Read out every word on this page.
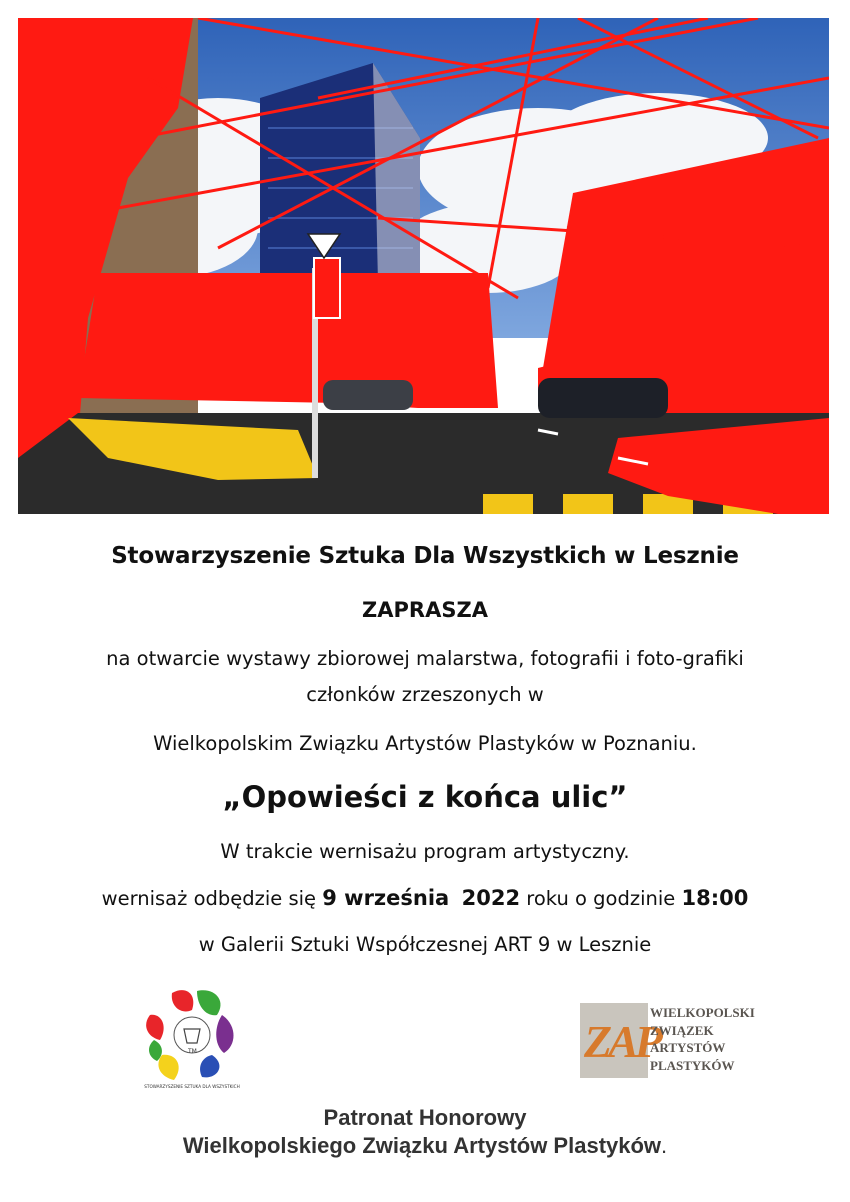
Stowarzyszenie Sztuka Dla Wszystkich w Lesznie
ZAPRASZA
na otwarcie wystawy zbiorowej malarstwa, fotografii i foto-grafiki
członków zrzeszonych w
Wielkopolskim Związku Artystów Plastyków w Poznaniu.
„Opowieści z końca ulic”
W trakcie wernisażu program artystyczny.
wernisaż odbędzie się 9 września 2022 roku o godzinie 18:00
w Galerii Sztuki Współczesnej ART 9 w Lesznie
TM
STOWARZYSZENIE SZTUKA DLA WSZYSTKICH
ZAP
WIELKOPOLSKI
ZWIĄZEK
ARTYSTÓW
PLASTYKÓW
Patronat Honorowy
Wielkopolskiego Związku Artystów Plastyków.
